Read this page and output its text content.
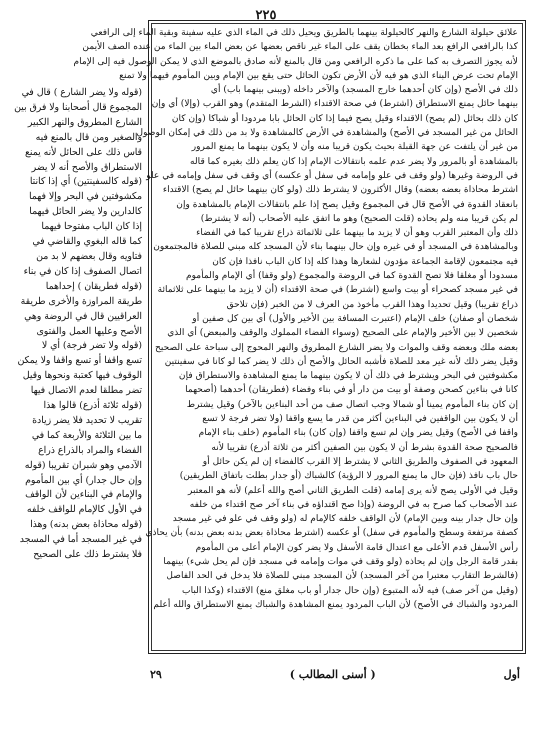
٢٢٥
علائق حيلولة الشارع والنهر كالحيلولة بينهما بالطريق ويحيل ذلك في الماء الذي عليه سفينة وبقية الماء إلى الرافعي
كذا بالرافعي الرافع بعد الماء بخطان يقف على الماء غير ناقص بعضها عن بعض الماء بين الماء من عنده الصف الأيمن
لأنه يجوز التصرف به كما على ما ذكره الرافعي ومن قال بالمنع لأنه صادق بالموضع الذي لا يمكن الوصول فيه إلى الإمام
الإمام تحت عرض البناء الذي هو فيه لأن الأرض تكون الحائل حتى يقع بين الإمام وبين المأموم فيهما ولا تمنع
ذلك في الأصح (وإن كان أحدهما خارج المسجد) والآخر داخله (ويبنى بينهما باب) أي
بينهما حائل يمنع الاستطراق (اشترط) في صحة الاقتداء (الشرط المتقدم) وهو القرب (وإلا) أي وإن
كان ذلك بحائل (لم يصح) الاقتداء وقيل يصح فيما إذا كان الحائل بابا مردودا أو شباكا (وإن كان
الحائل من غير المسجد في الأصح) والمشاهدة في الأرض كالمشاهدة ولا بد من ذلك في إمكان الوصول
من غير أن يلتفت عن جهة القبلة بحيث يكون قريبا منه وأن لا يكون بينهما ما يمنع المرور
بالمشاهدة أو بالمرور ولا يضر عدم علمه بانتقالات الإمام إذا كان يعلم ذلك بغيره كما قاله
في الروضة وغيرها (ولو وقف في علو وإمامه في سفل أو عكسه) أي وقف في سفل وإمامه في علو
اشترط محاذاة بعضه بعضه) وقال الأكثرون لا يشترط ذلك (ولو كان بينهما حائل لم يصح) الاقتداء
بانعقاد القدوة في الأصح قال في المجموع وقيل يصح إذا علم بانتقالات الإمام بالمشاهدة وإن
لم يكن قريبا منه ولم يحاذه (قلت الصحيح) وهو ما اتفق عليه الأصحاب (أنه لا يشترط)
ذلك وأن المعتبر القرب وهو أن لا يزيد ما بينهما على ثلاثمائة ذراع تقريبا كما في الفضاء
وبالمشاهدة في المسجد أو في غيره وإن حال بينهما بناء لأن المسجد كله مبني للصلاة فالمجتمعون
فيه مجتمعون لإقامة الجماعة مؤدون لشعارها وهذا كله إذا كان الباب نافذا فإن كان
مسدودا أو مغلقا فلا تصح القدوة كما في الروضة والمجموع (ولو وقفا) أي الإمام والمأموم
في غير مسجد كصحراء أو بيت واسع (اشترط) في صحة الاقتداء (أن لا يزيد ما بينهما على ثلاثمائة
ذراع تقريبا) وقيل تحديدا وهذا القرب مأخوذ من العرف لا من الخبر (فإن تلاحق
شخصان أو صفان) خلف الإمام (اعتبرت المسافة بين الأخير والأول) أي بين كل صفين أو
شخصين لا بين الأخير والإمام على الصحيح (وسواء الفضاء المملوك والوقف والمبعض) أي الذي
بعضه ملك وبعضه وقف والموات ولا يضر الشارع المطروق والنهر المحوج إلى سباحة على الصحيح
وقيل يضر ذلك لأنه غير معد للصلاة فأشبه الحائل والأصح أن ذلك لا يضر كما لو كانا في سفينتين
مكشوفتين في البحر ويشترط في ذلك أن لا يكون بينهما ما يمنع المشاهدة والاستطراق فإن
كانا في بناءين كصحن وصفة أو بيت من دار أو في بناء وفضاء (فطريقان) أحدهما (أصحهما
إن كان بناء المأموم يمينا أو شمالا وجب اتصال صف من أحد البناءين بالآخر) وقيل يشترط
أن لا يكون بين الواقفين في البناءين أكثر من قدر ما يسع واقفا (ولا تضر فرجة لا تسع
واقفا في الأصح) وقيل يضر وإن لم تسع واقفا (وإن كان) بناء المأموم (خلف بناء الإمام
فالصحيح صحة القدوة بشرط أن لا يكون بين الصفين أكثر من ثلاثة أذرع) تقريبا لأنه
المعهود في الصفوف والطريق الثاني لا يشترط إلا القرب كالفضاء إن لم يكن حائل أو
حال باب نافذ (فإن حال ما يمنع المرور لا الرؤية) كالشباك (أو جدار بطلت باتفاق الطريقين)
وقيل في الأولى يصح لأنه يرى إمامه (قلت الطريق الثاني أصح والله أعلم) لأنه هو المعتبر
عند الأصحاب كما صرح به في الروضة (وإذا صح اقتداؤه في بناء آخر صح اقتداء من خلفه
وإن حال جدار بينه وبين الإمام) لأن الواقف خلفه كالإمام له (ولو وقف في علو في غير مسجد
كصفة مرتفعة وسطح والمأموم في سفل) أو عكسه (اشترط محاذاة بعض بدنه بعض بدنه) بأن يحاذي
رأس الأسفل قدم الأعلى مع اعتدال قامة الأسفل ولا يضر كون الإمام أعلى من المأموم
بقدر قامة الرجل وإن لم يحاذه (ولو وقف في موات وإمامه في مسجد فإن لم يحل شيء) بينهما
(فالشرط التقارب معتبرا من آخر المسجد) لأن المسجد مبني للصلاة فلا يدخل في الحد الفاصل
(وقيل من آخر صف) فيه لأنه المتبوع (وإن حال جدار أو باب مغلق منع) الاقتداء (وكذا الباب
المردود والشباك في الأصح) لأن الباب المردود يمنع المشاهدة والشباك يمنع الاستطراق والله أعلم
(قوله ولا يضر الشارع ) قال في
المجموع قال أصحابنا ولا فرق بين
الشارع المطروق والنهر الكبير
والصغير ومن قال بالمنع فيه
قاس ذلك على الحائل لأنه يمنع
الاستطراق والأصح أنه لا يضر
(قوله كالسفينتين) أي إذا كانتا
مكشوفتين في البحر وإلا فهما
كالدارين ولا يضر الحائل فيهما
إذا كان الباب مفتوحا فيهما
كما قاله البغوي والقاضي في
فتاويه وقال بعضهم لا بد من
اتصال الصفوف إذا كان في بناء
(قوله فطريقان ) إحداهما
طريقة المراوزة والأخرى طريقة
العراقيين قال في الروضة وهي
الأصح وعليها العمل والفتوى
(قوله ولا تضر فرجة) أي لا
تسع واقفا أو تسع واقفا ولا يمكن
الوقوف فيها كعتبة ونحوها وقيل
تضر مطلقا لعدم الاتصال فيها
(قوله ثلاثة أذرع) قالوا هذا
تقريب لا تحديد فلا يضر زيادة
ما بين الثلاثة والأربعة كما في
الفضاء والمراد بالذراع ذراع
الآدمي وهو شبران تقريبا (قوله
وإن حال جدار) أي بين المأموم
والإمام في البناءين لأن الواقف
في الأول كالإمام للواقف خلفه
(قوله محاذاة بعض بدنه) وهذا
في غير المسجد أما في المسجد
فلا يشترط ذلك على الصحيح
أول
( أسنى المطالب )
٢٩
